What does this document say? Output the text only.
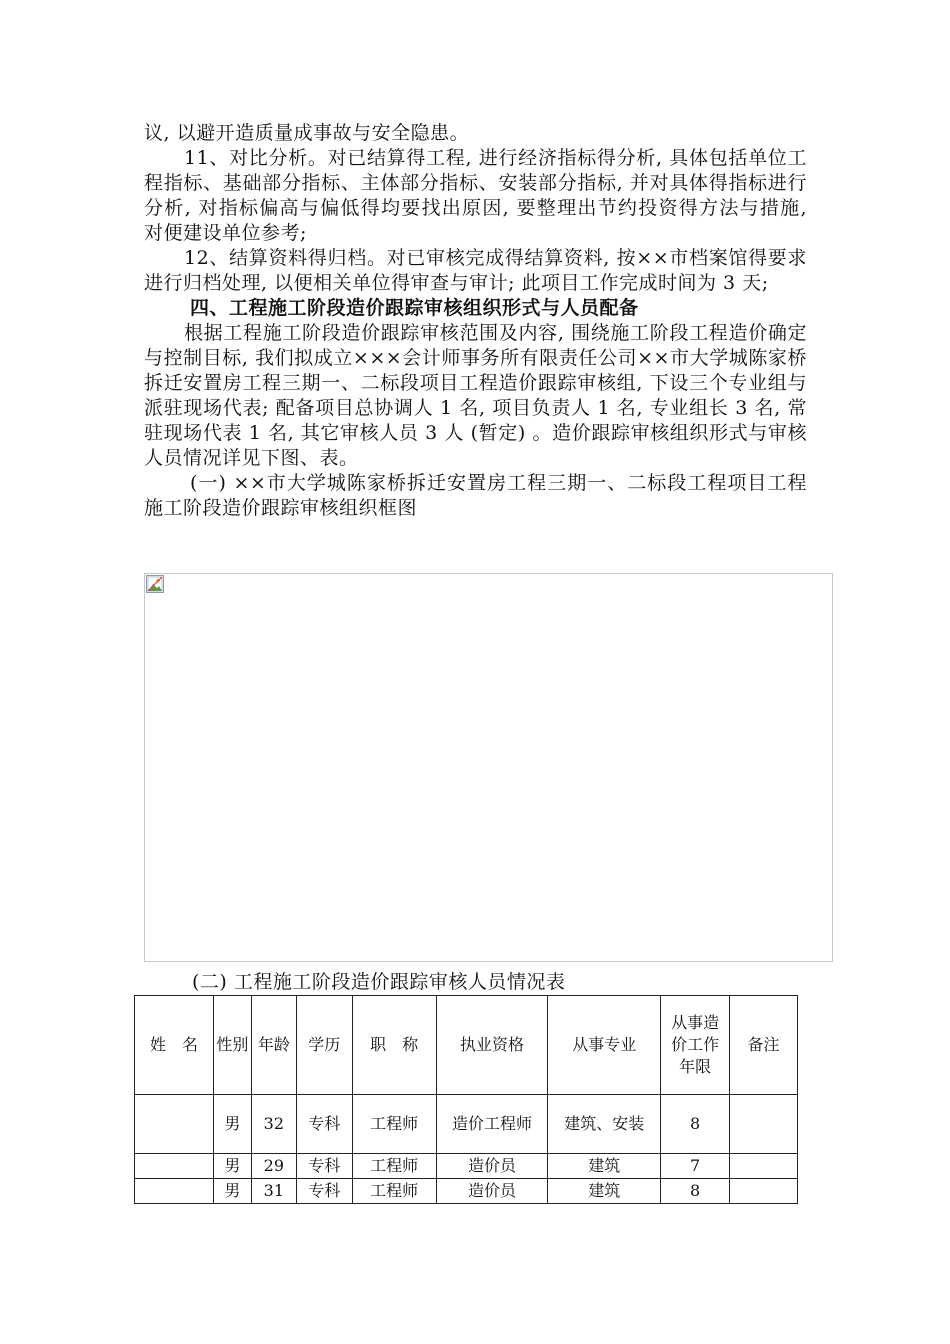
议, 以避开造质量成事故与安全隐患。

11、对比分析。对已结算得工程, 进行经济指标得分析, 具体包括单位工程指标、基础部分指标、主体部分指标、安装部分指标, 并对具体得指标进行分析, 对指标偏高与偏低得均要找出原因, 要整理出节约投资得方法与措施, 对便建设单位参考;

12、结算资料得归档。对已审核完成得结算资料, 按××市档案馆得要求进行归档处理, 以便相关单位得审查与审计; 此项目工作完成时间为 3 天;

四、工程施工阶段造价跟踪审核组织形式与人员配备

根据工程施工阶段造价跟踪审核范围及内容, 围绕施工阶段工程造价确定与控制目标, 我们拟成立×××会计师事务所有限责任公司××市大学城陈家桥拆迁安置房工程三期一、二标段项目工程造价跟踪审核组, 下设三个专业组与派驻现场代表; 配备项目总协调人 1 名, 项目负责人 1 名, 专业组长 3 名, 常驻现场代表 1 名, 其它审核人员 3 人 (暂定) 。造价跟踪审核组织形式与审核人员情况详见下图、表。

(一) ××市大学城陈家桥拆迁安置房工程三期一、二标段工程项目工程施工阶段造价跟踪审核组织框图

(二) 工程施工阶段造价跟踪审核人员情况表
姓　名	性别	年龄	学历	职　称	执业资格	从事专业	从事造价工作年限	备注
	男	32	专科	工程师	造价工程师	建筑、安装	8	
	男	29	专科	工程师	造价员	建筑	7	
	男	31	专科	工程师	造价员	建筑	8	
